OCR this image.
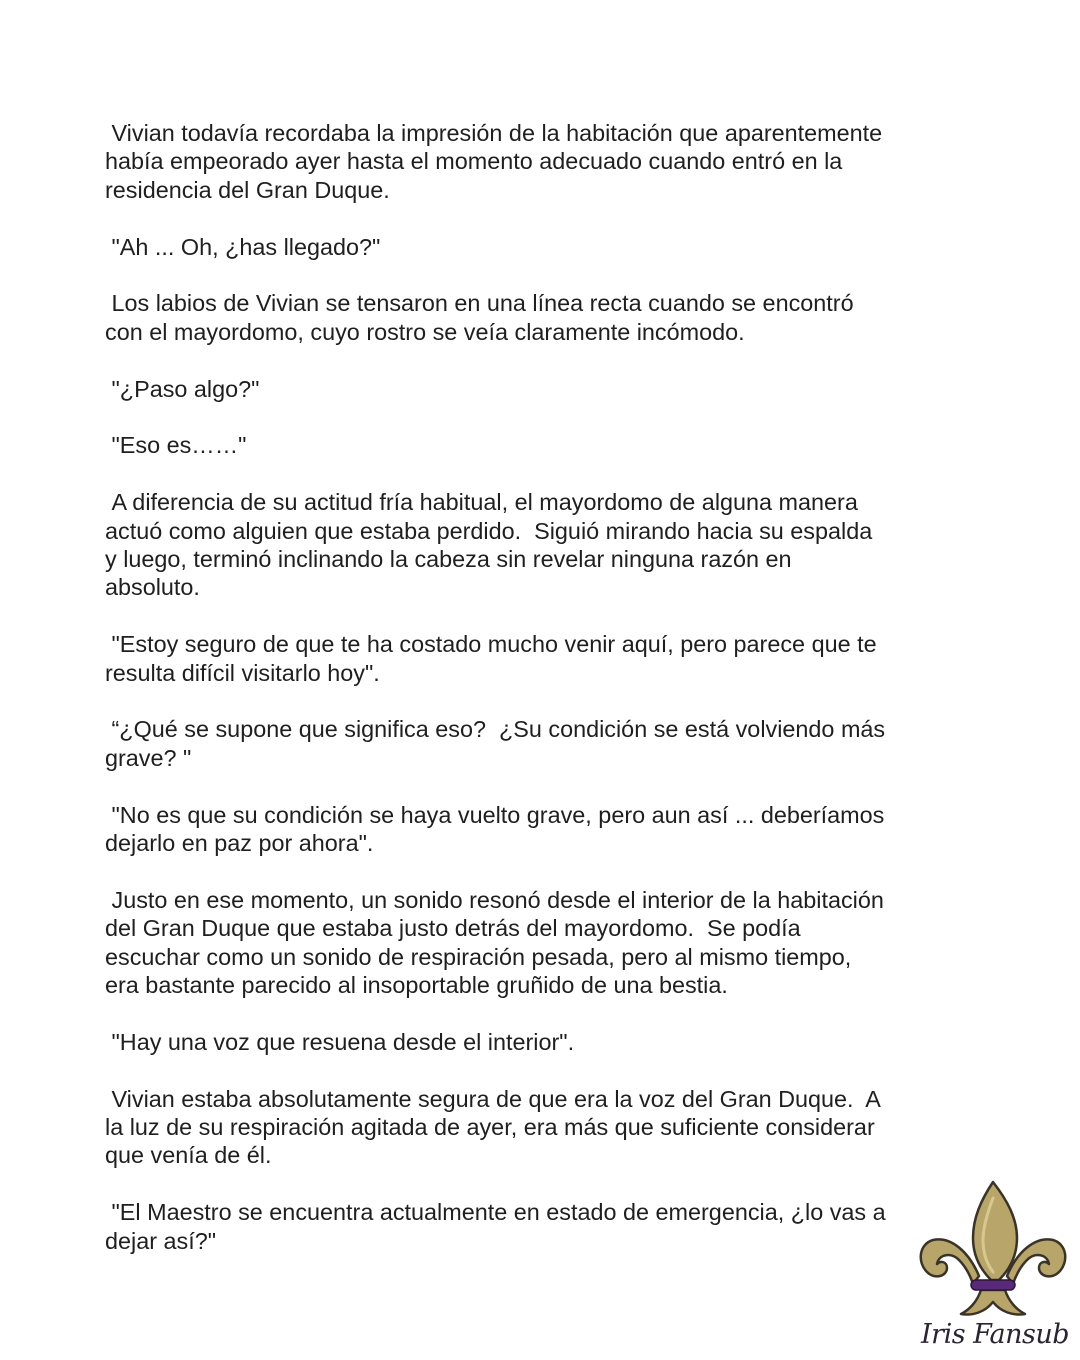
Vivian todavía recordaba la impresión de la habitación que aparentemente
había empeorado ayer hasta el momento adecuado cuando entró en la
residencia del Gran Duque.

"Ah ... Oh, ¿has llegado?"

Los labios de Vivian se tensaron en una línea recta cuando se encontró
con el mayordomo, cuyo rostro se veía claramente incómodo.

"¿Paso algo?"

"Eso es……"

A diferencia de su actitud fría habitual, el mayordomo de alguna manera
actuó como alguien que estaba perdido.  Siguió mirando hacia su espalda
y luego, terminó inclinando la cabeza sin revelar ninguna razón en
absoluto.

"Estoy seguro de que te ha costado mucho venir aquí, pero parece que te
resulta difícil visitarlo hoy".

“¿Qué se supone que significa eso?  ¿Su condición se está volviendo más
grave? "

"No es que su condición se haya vuelto grave, pero aun así ... deberíamos
dejarlo en paz por ahora".

Justo en ese momento, un sonido resonó desde el interior de la habitación
del Gran Duque que estaba justo detrás del mayordomo.  Se podía
escuchar como un sonido de respiración pesada, pero al mismo tiempo,
era bastante parecido al insoportable gruñido de una bestia.

"Hay una voz que resuena desde el interior".

Vivian estaba absolutamente segura de que era la voz del Gran Duque.  A
la luz de su respiración agitada de ayer, era más que suficiente considerar
que venía de él.

"El Maestro se encuentra actualmente en estado de emergencia, ¿lo vas a
dejar así?"

Iris Fansub
